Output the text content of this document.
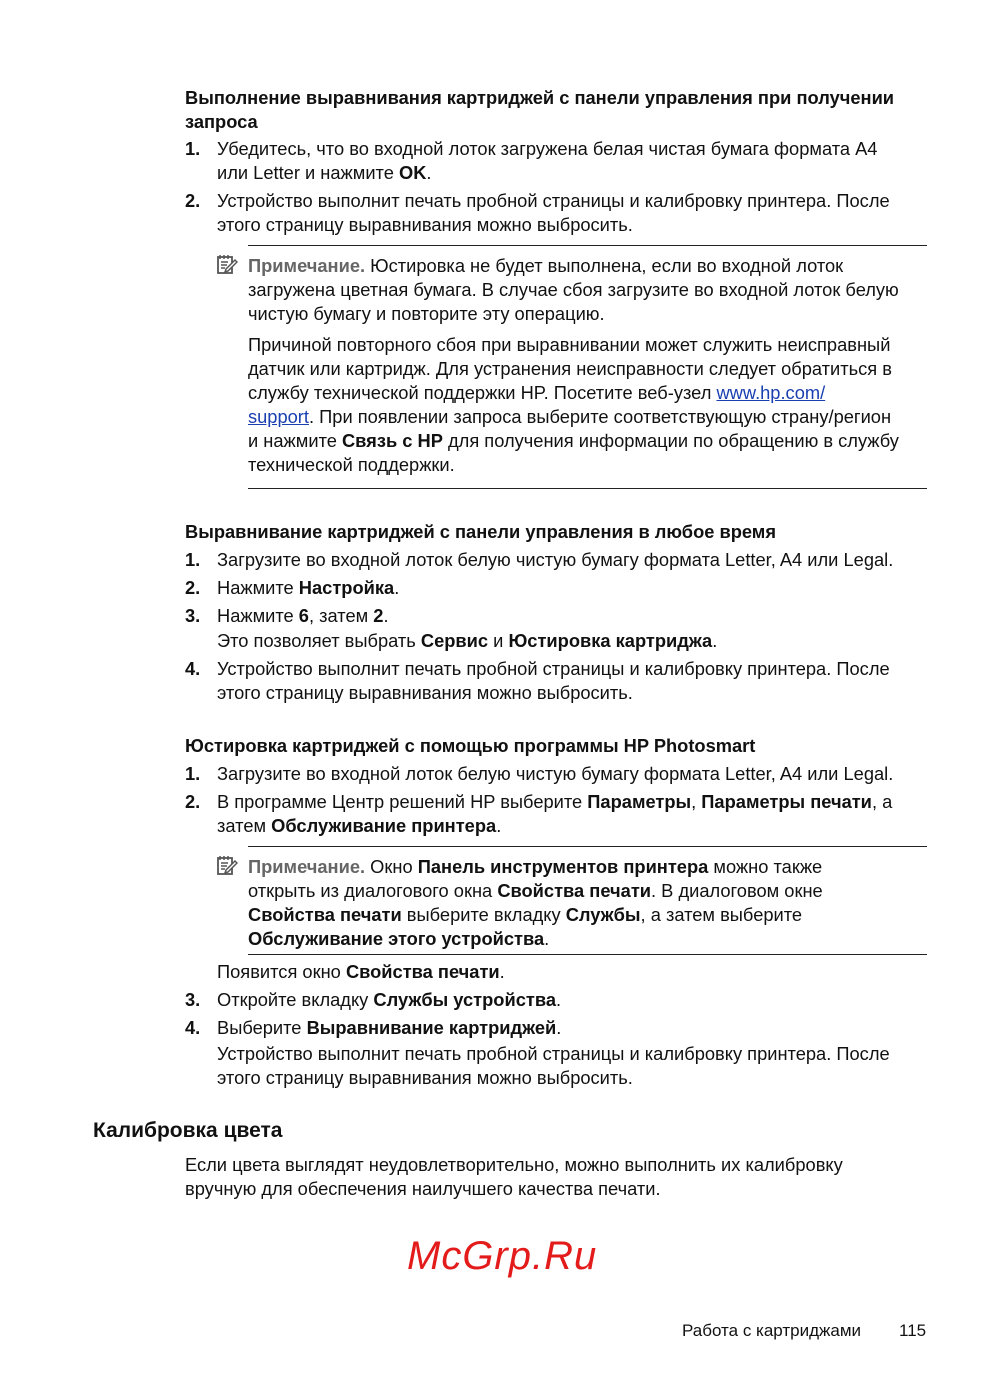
Выполнение выравнивания картриджей с панели управления при получении
запроса
1. Убедитесь, что во входной лоток загружена белая чистая бумага формата A4
или Letter и нажмите OK.
2. Устройство выполнит печать пробной страницы и калибровку принтера. После
этого страницу выравнивания можно выбросить.
Примечание. Юстировка не будет выполнена, если во входной лоток
загружена цветная бумага. В случае сбоя загрузите во входной лоток белую
чистую бумагу и повторите эту операцию.
Причиной повторного сбоя при выравнивании может служить неисправный
датчик или картридж. Для устранения неисправности следует обратиться в
службу технической поддержки HP. Посетите веб-узел www.hp.com/
support. При появлении запроса выберите соответствующую страну/регион
и нажмите Связь с HP для получения информации по обращению в службу
технической поддержки.
Выравнивание картриджей с панели управления в любое время
1. Загрузите во входной лоток белую чистую бумагу формата Letter, A4 или Legal.
2. Нажмите Настройка.
3. Нажмите 6, затем 2.
Это позволяет выбрать Сервис и Юстировка картриджа.
4. Устройство выполнит печать пробной страницы и калибровку принтера. После
этого страницу выравнивания можно выбросить.
Юстировка картриджей с помощью программы HP Photosmart
1. Загрузите во входной лоток белую чистую бумагу формата Letter, A4 или Legal.
2. В программе Центр решений HP выберите Параметры, Параметры печати, а
затем Обслуживание принтера.
Примечание. Окно Панель инструментов принтера можно также
открыть из диалогового окна Свойства печати. В диалоговом окне
Свойства печати выберите вкладку Службы, а затем выберите
Обслуживание этого устройства.
Появится окно Свойства печати.
3. Откройте вкладку Службы устройства.
4. Выберите Выравнивание картриджей.
Устройство выполнит печать пробной страницы и калибровку принтера. После
этого страницу выравнивания можно выбросить.
Калибровка цвета
Если цвета выглядят неудовлетворительно, можно выполнить их калибровку
вручную для обеспечения наилучшего качества печати.
McGrp.Ru
Работа с картриджами 115
